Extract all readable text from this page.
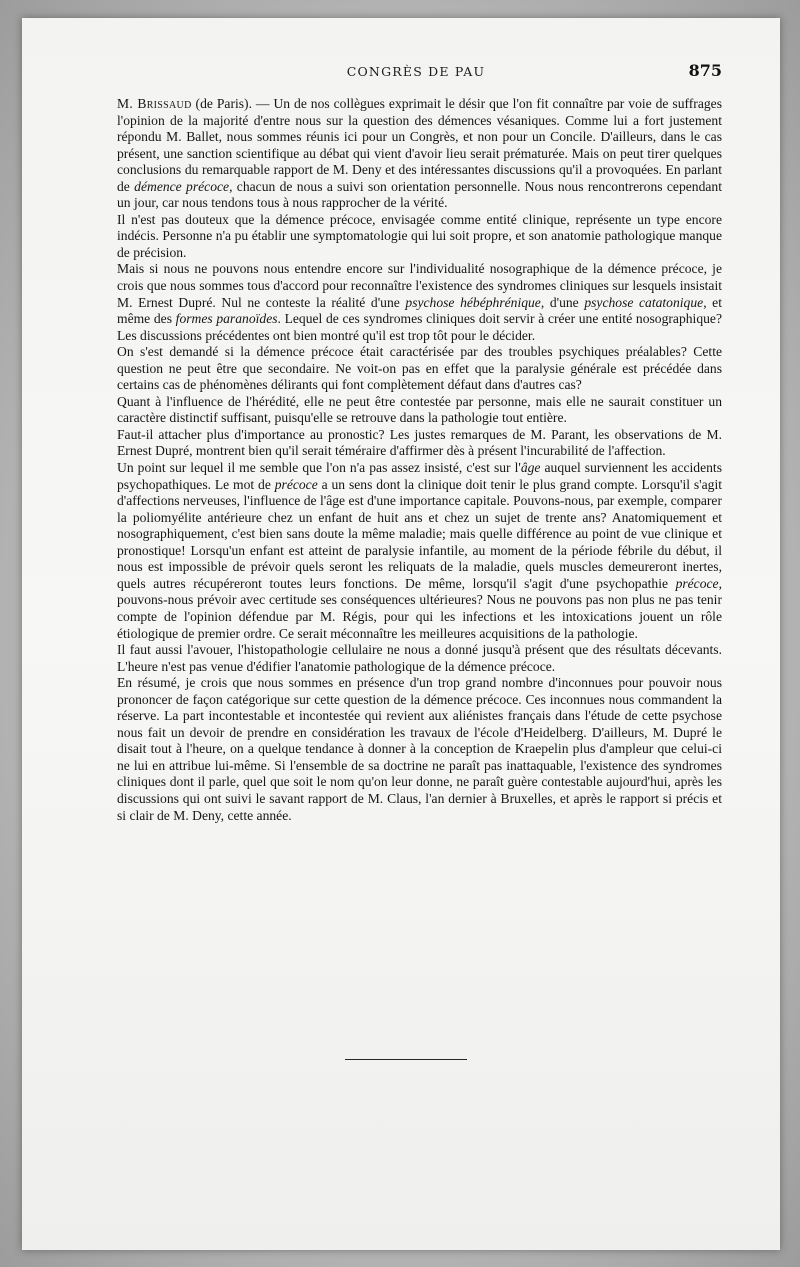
CONGRÈS DE PAU	875

M. Brissaud (de Paris). — Un de nos collègues exprimait le désir que l'on fit connaître par voie de suffrages l'opinion de la majorité d'entre nous sur la question des démences vésaniques. Comme lui a fort justement répondu M. Ballet, nous sommes réunis ici pour un Congrès, et non pour un Concile. D'ailleurs, dans le cas présent, une sanction scientifique au débat qui vient d'avoir lieu serait prématurée. Mais on peut tirer quelques conclusions du remarquable rapport de M. Deny et des intéressantes discussions qu'il a provoquées. En parlant de démence précoce, chacun de nous a suivi son orientation personnelle. Nous nous rencontrerons cependant un jour, car nous tendons tous à nous rapprocher de la vérité.

Il n'est pas douteux que la démence précoce, envisagée comme entité clinique, représente un type encore indécis. Personne n'a pu établir une symptomatologie qui lui soit propre, et son anatomie pathologique manque de précision.

Mais si nous ne pouvons nous entendre encore sur l'individualité nosographique de la démence précoce, je crois que nous sommes tous d'accord pour reconnaître l'existence des syndromes cliniques sur lesquels insistait M. Ernest Dupré. Nul ne conteste la réalité d'une psychose hébéphrénique, d'une psychose catatonique, et même des formes paranoïdes. Lequel de ces syndromes cliniques doit servir à créer une entité nosographique? Les discussions précédentes ont bien montré qu'il est trop tôt pour le décider.

On s'est demandé si la démence précoce était caractérisée par des troubles psychiques préalables? Cette question ne peut être que secondaire. Ne voit-on pas en effet que la paralysie générale est précédée dans certains cas de phénomènes délirants qui font complètement défaut dans d'autres cas?

Quant à l'influence de l'hérédité, elle ne peut être contestée par personne, mais elle ne saurait constituer un caractère distinctif suffisant, puisqu'elle se retrouve dans la pathologie tout entière.

Faut-il attacher plus d'importance au pronostic? Les justes remarques de M. Parant, les observations de M. Ernest Dupré, montrent bien qu'il serait téméraire d'affirmer dès à présent l'incurabilité de l'affection.

Un point sur lequel il me semble que l'on n'a pas assez insisté, c'est sur l'âge auquel surviennent les accidents psychopathiques. Le mot de précoce a un sens dont la clinique doit tenir le plus grand compte. Lorsqu'il s'agit d'affections nerveuses, l'influence de l'âge est d'une importance capitale. Pouvons-nous, par exemple, comparer la poliomyélite antérieure chez un enfant de huit ans et chez un sujet de trente ans? Anatomiquement et nosographiquement, c'est bien sans doute la même maladie; mais quelle différence au point de vue clinique et pronostique! Lorsqu'un enfant est atteint de paralysie infantile, au moment de la période fébrile du début, il nous est impossible de prévoir quels seront les reliquats de la maladie, quels muscles demeureront inertes, quels autres récupéreront toutes leurs fonctions. De même, lorsqu'il s'agit d'une psychopathie précoce, pouvons-nous prévoir avec certitude ses conséquences ultérieures? Nous ne pouvons pas non plus ne pas tenir compte de l'opinion défendue par M. Régis, pour qui les infections et les intoxications jouent un rôle étiologique de premier ordre. Ce serait méconnaître les meilleures acquisitions de la pathologie.

Il faut aussi l'avouer, l'histopathologie cellulaire ne nous a donné jusqu'à présent que des résultats décevants. L'heure n'est pas venue d'édifier l'anatomie pathologique de la démence précoce.

En résumé, je crois que nous sommes en présence d'un trop grand nombre d'inconnues pour pouvoir nous prononcer de façon catégorique sur cette question de la démence précoce. Ces inconnues nous commandent la réserve. La part incontestable et incontestée qui revient aux aliénistes français dans l'étude de cette psychose nous fait un devoir de prendre en considération les travaux de l'école d'Heidelberg. D'ailleurs, M. Dupré le disait tout à l'heure, on a quelque tendance à donner à la conception de Kraepelin plus d'ampleur que celui-ci ne lui en attribue lui-même. Si l'ensemble de sa doctrine ne paraît pas inattaquable, l'existence des syndromes cliniques dont il parle, quel que soit le nom qu'on leur donne, ne paraît guère contestable aujourd'hui, après les discussions qui ont suivi le savant rapport de M. Claus, l'an dernier à Bruxelles, et après le rapport si précis et si clair de M. Deny, cette année.
